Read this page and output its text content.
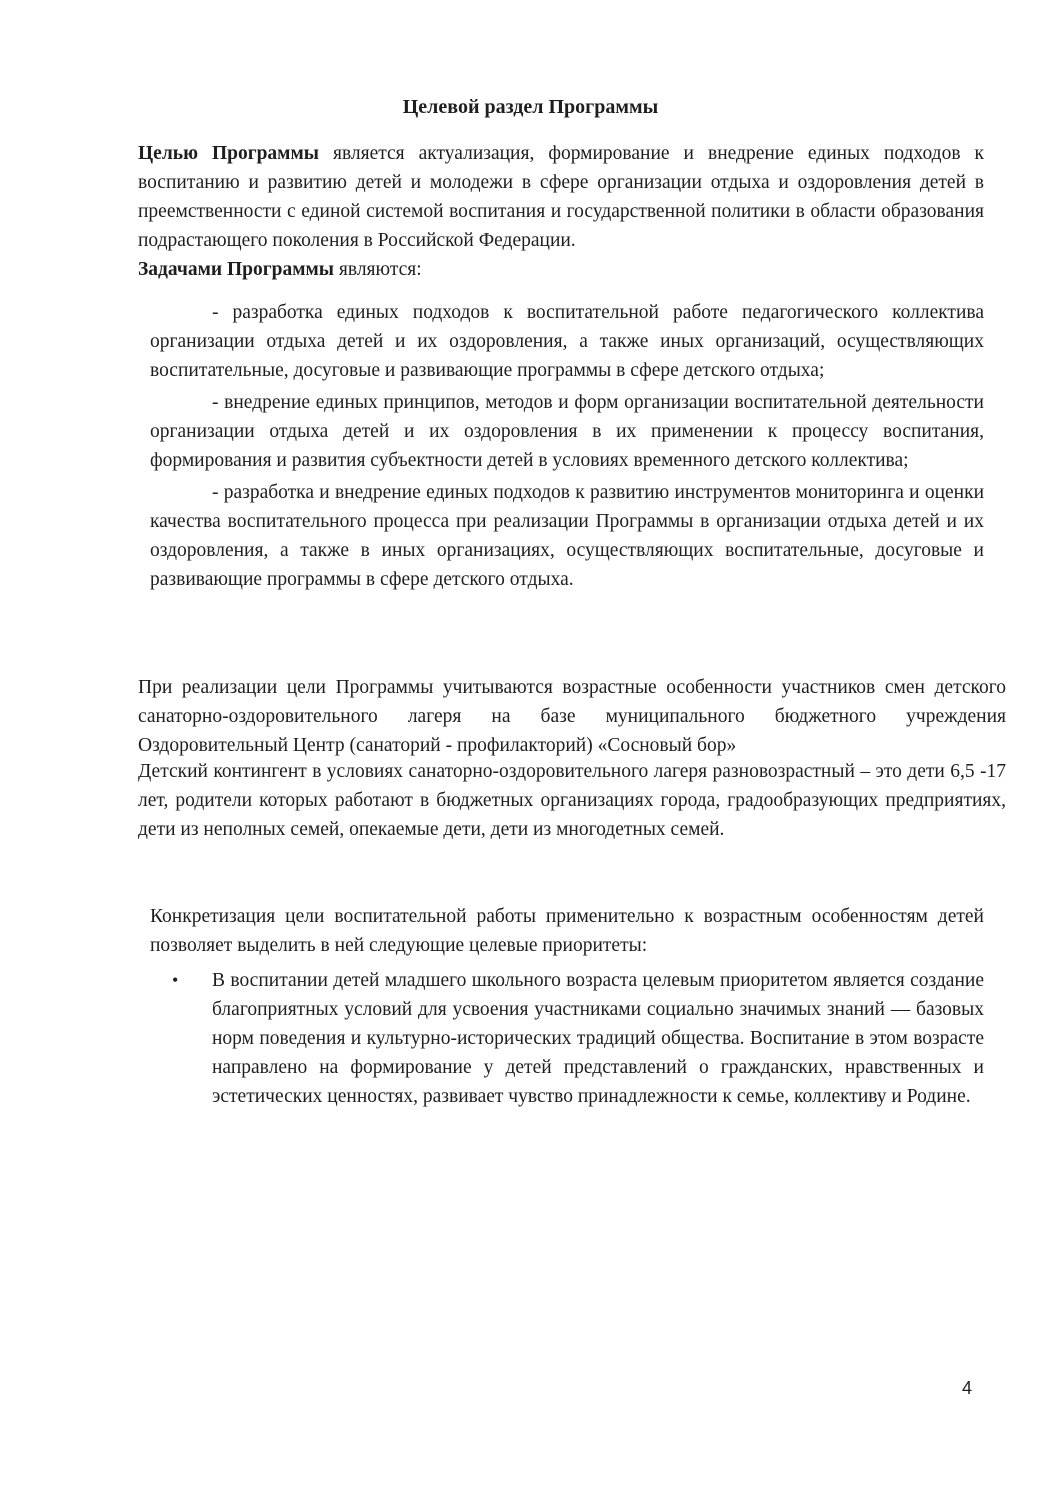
Целевой раздел Программы

Целью Программы является актуализация, формирование и внедрение единых подходов к воспитанию и развитию детей и молодежи в сфере организации отдыха и оздоровления детей в преемственности с единой системой воспитания и государственной политики в области образования подрастающего поколения в Российской Федерации.

Задачами Программы являются:

- разработка единых подходов к воспитательной работе педагогического коллектива организации отдыха детей и их оздоровления, а также иных организаций, осуществляющих воспитательные, досуговые и развивающие программы в сфере детского отдыха;

- внедрение единых принципов, методов и форм организации воспитательной деятельности организации отдыха детей и их оздоровления в их применении к процессу воспитания, формирования и развития субъектности детей в условиях временного детского коллектива;

- разработка и внедрение единых подходов к развитию инструментов мониторинга и оценки качества воспитательного процесса при реализации Программы в организации отдыха детей и их оздоровления, а также в иных организациях, осуществляющих воспитательные, досуговые и развивающие программы в сфере детского отдыха.

При реализации цели Программы учитываются возрастные особенности участников смен детского санаторно-оздоровительного лагеря на базе муниципального бюджетного учреждения Оздоровительный Центр (санаторий - профилакторий) «Сосновый бор»

Детский контингент в условиях санаторно-оздоровительного лагеря разновозрастный – это дети 6,5 -17 лет, родители которых работают в бюджетных организациях города, градообразующих предприятиях, дети из неполных семей, опекаемые дети, дети из многодетных семей.

Конкретизация цели воспитательной работы применительно к возрастным особенностям детей позволяет выделить в ней следующие целевые приоритеты:

• В воспитании детей младшего школьного возраста целевым приоритетом является создание благоприятных условий для усвоения участниками социально значимых знаний — базовых норм поведения и культурно-исторических традиций общества. Воспитание в этом возрасте направлено на формирование у детей представлений о гражданских, нравственных и эстетических ценностях, развивает чувство принадлежности к семье, коллективу и Родине.

4
